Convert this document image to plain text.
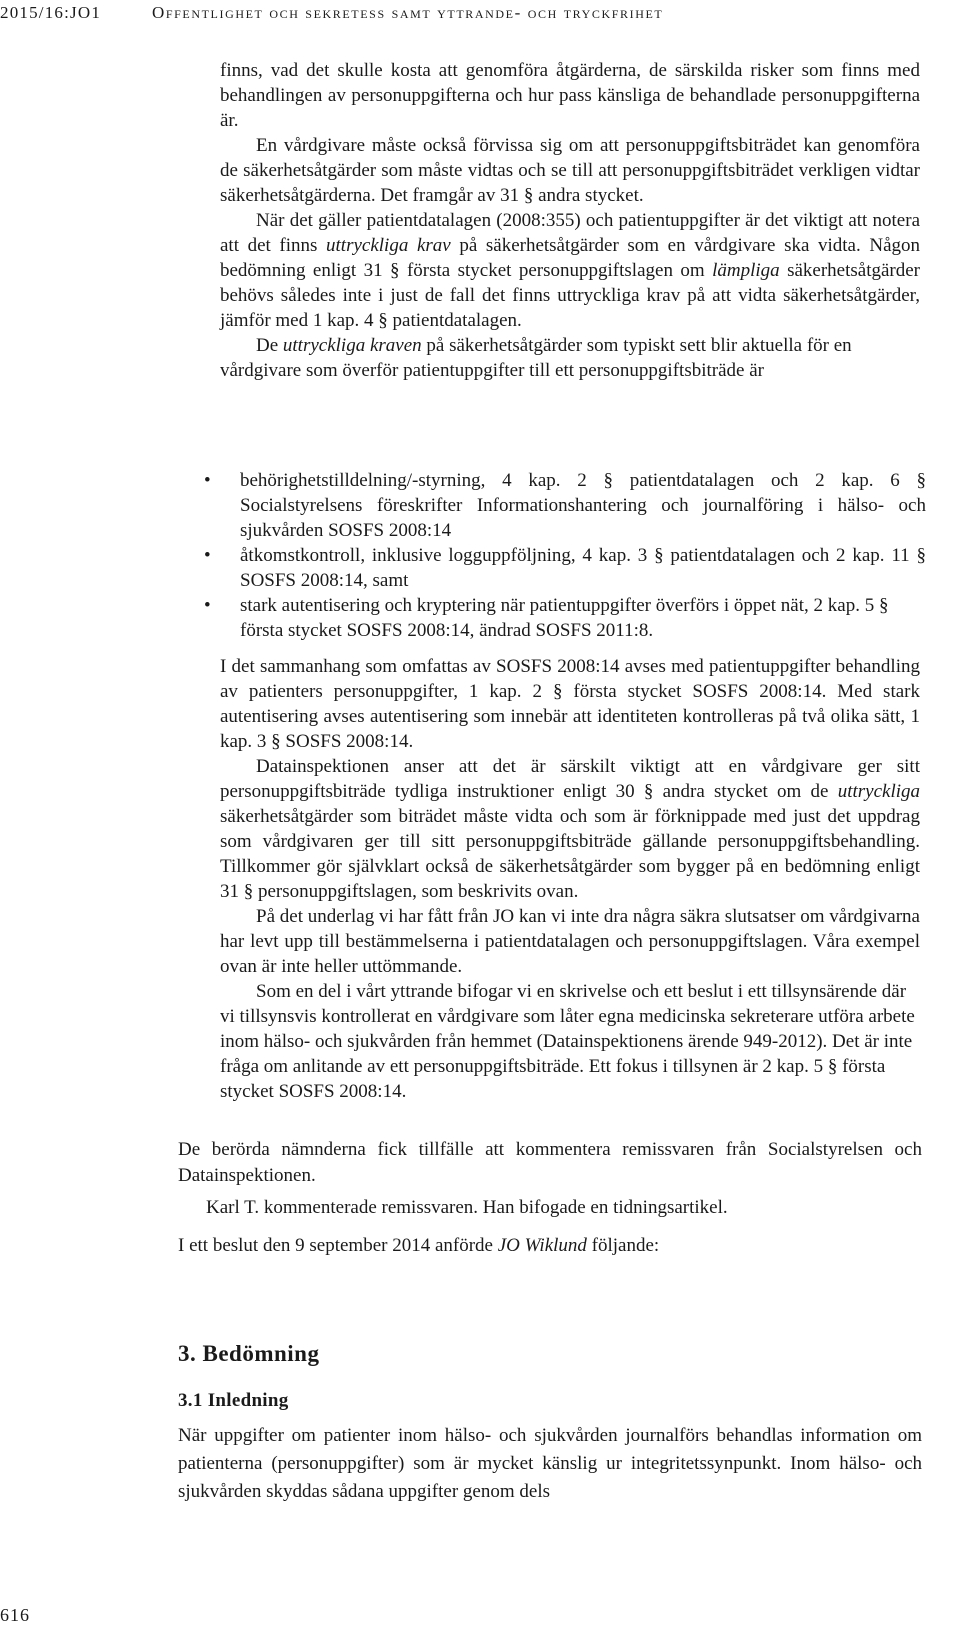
2015/16:JO1	Offentlighet och sekretess samt yttrande- och tryckfrihet

finns, vad det skulle kosta att genomföra åtgärderna, de särskilda risker som finns med behandlingen av personuppgifterna och hur pass känsliga de behandlade personuppgifterna är.

En vårdgivare måste också förvissa sig om att personuppgiftsbiträdet kan genomföra de säkerhetsåtgärder som måste vidtas och se till att personuppgiftsbiträdet verkligen vidtar säkerhetsåtgärderna. Det framgår av 31 § andra stycket.

När det gäller patientdatalagen (2008:355) och patientuppgifter är det viktigt att notera att det finns uttryckliga krav på säkerhetsåtgärder som en vårdgivare ska vidta. Någon bedömning enligt 31 § första stycket personuppgiftslagen om lämpliga säkerhetsåtgärder behövs således inte i just de fall det finns uttryckliga krav på att vidta säkerhetsåtgärder, jämför med 1 kap. 4 § patientdatalagen.

De uttryckliga kraven på säkerhetsåtgärder som typiskt sett blir aktuella för en vårdgivare som överför patientuppgifter till ett personuppgiftsbiträde är

• behörighetstilldelning/-styrning, 4 kap. 2 § patientdatalagen och 2 kap. 6 § Socialstyrelsens föreskrifter Informationshantering och journalföring i hälso- och sjukvården SOSFS 2008:14
• åtkomstkontroll, inklusive logguppföljning, 4 kap. 3 § patientdatalagen och 2 kap. 11 § SOSFS 2008:14, samt
• stark autentisering och kryptering när patientuppgifter överförs i öppet nät, 2 kap. 5 § första stycket SOSFS 2008:14, ändrad SOSFS 2011:8.

I det sammanhang som omfattas av SOSFS 2008:14 avses med patientuppgifter behandling av patienters personuppgifter, 1 kap. 2 § första stycket SOSFS 2008:14. Med stark autentisering avses autentisering som innebär att identiteten kontrolleras på två olika sätt, 1 kap. 3 § SOSFS 2008:14.

Datainspektionen anser att det är särskilt viktigt att en vårdgivare ger sitt personuppgiftsbiträde tydliga instruktioner enligt 30 § andra stycket om de uttryckliga säkerhetsåtgärder som biträdet måste vidta och som är förknippade med just det uppdrag som vårdgivaren ger till sitt personuppgiftsbiträde gällande personuppgiftsbehandling. Tillkommer gör självklart också de säkerhetsåtgärder som bygger på en bedömning enligt 31 § personuppgiftslagen, som beskrivits ovan.

På det underlag vi har fått från JO kan vi inte dra några säkra slutsatser om vårdgivarna har levt upp till bestämmelserna i patientdatalagen och personuppgiftslagen. Våra exempel ovan är inte heller uttömmande.

Som en del i vårt yttrande bifogar vi en skrivelse och ett beslut i ett tillsynsärende där vi tillsynsvis kontrollerat en vårdgivare som låter egna medicinska sekreterare utföra arbete inom hälso- och sjukvården från hemmet (Datainspektionens ärende 949-2012). Det är inte fråga om anlitande av ett personuppgiftsbiträde. Ett fokus i tillsynen är 2 kap. 5 § första stycket SOSFS 2008:14.

De berörda nämnderna fick tillfälle att kommentera remissvaren från Socialstyrelsen och Datainspektionen.

Karl T. kommenterade remissvaren. Han bifogade en tidningsartikel.

I ett beslut den 9 september 2014 anförde JO Wiklund följande:

3. Bedömning
3.1 Inledning

När uppgifter om patienter inom hälso- och sjukvården journalförs behandlas information om patienterna (personuppgifter) som är mycket känslig ur integritetssynpunkt. Inom hälso- och sjukvården skyddas sådana uppgifter genom dels

616
